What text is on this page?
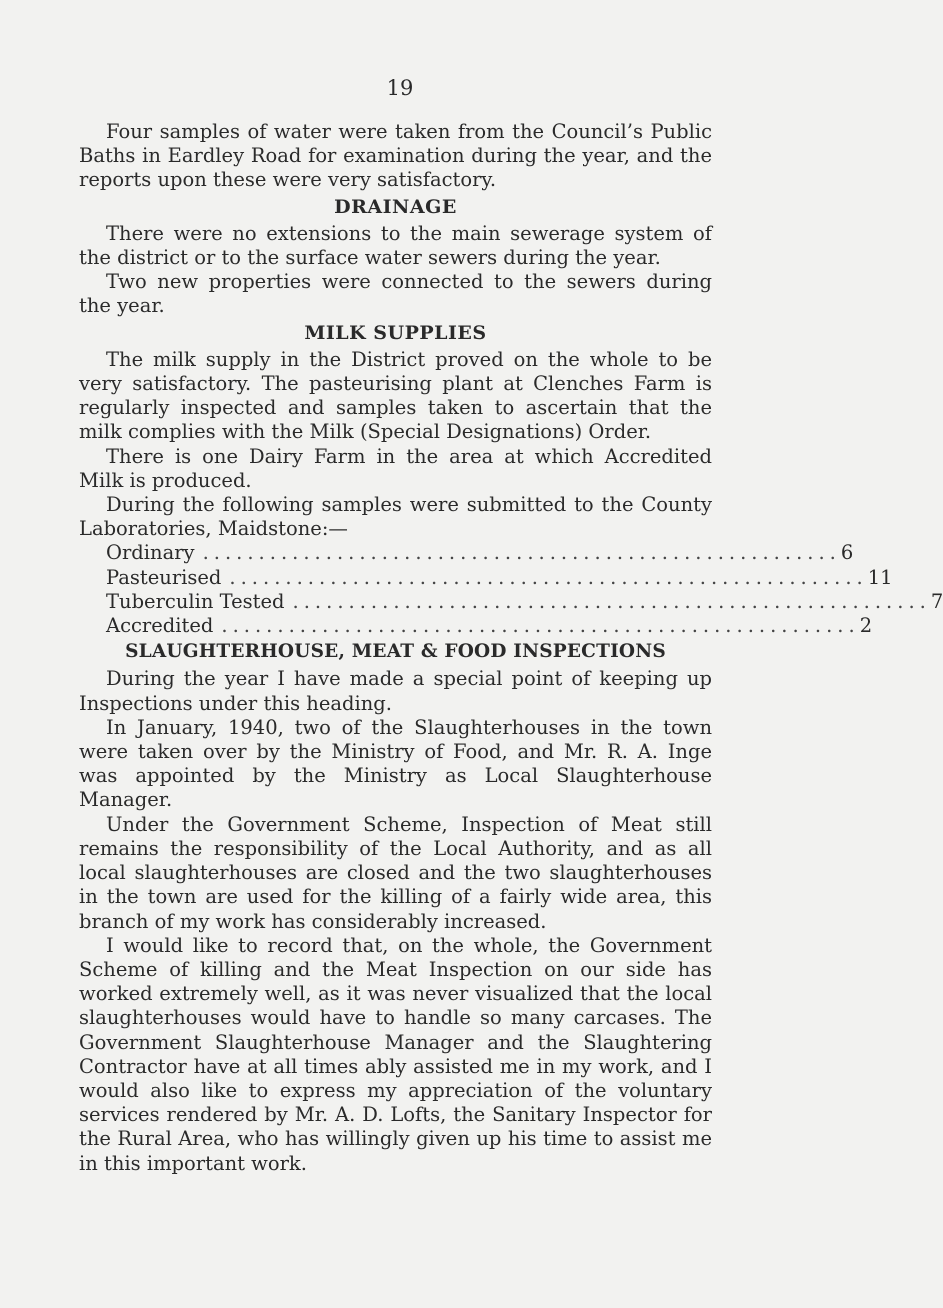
19

Four samples of water were taken from the Council’s Public Baths in Eardley Road for examination during the year, and the reports upon these were very satisfactory.

DRAINAGE

There were no extensions to the main sewerage system of the district or to the surface water sewers during the year.

Two new properties were connected to the sewers during the year.

MILK SUPPLIES

The milk supply in the District proved on the whole to be very satisfactory. The pasteurising plant at Clenches Farm is regularly inspected and samples taken to ascertain that the milk complies with the Milk (Special Designations) Order.

There is one Dairy Farm in the area at which Accredited Milk is produced.

During the following samples were submitted to the County Laboratories, Maidstone:—

Ordinary ......................................................... 6
Pasteurised ......................................................... 11
Tuberculin Tested ......................................................... 7
Accredited ......................................................... 2
SLAUGHTERHOUSE, MEAT & FOOD INSPECTIONS

During the year I have made a special point of keeping up Inspections under this heading.

In January, 1940, two of the Slaughterhouses in the town were taken over by the Ministry of Food, and Mr. R. A. Inge was appointed by the Ministry as Local Slaughterhouse Manager.

Under the Government Scheme, Inspection of Meat still remains the responsibility of the Local Authority, and as all local slaughterhouses are closed and the two slaughterhouses in the town are used for the killing of a fairly wide area, this branch of my work has considerably increased.

I would like to record that, on the whole, the Government Scheme of killing and the Meat Inspection on our side has worked extremely well, as it was never visualized that the local slaughterhouses would have to handle so many carcases. The Government Slaughterhouse Manager and the Slaughtering Contractor have at all times ably assisted me in my work, and I would also like to express my appreciation of the voluntary services rendered by Mr. A. D. Lofts, the Sanitary Inspector for the Rural Area, who has willingly given up his time to assist me in this important work.
